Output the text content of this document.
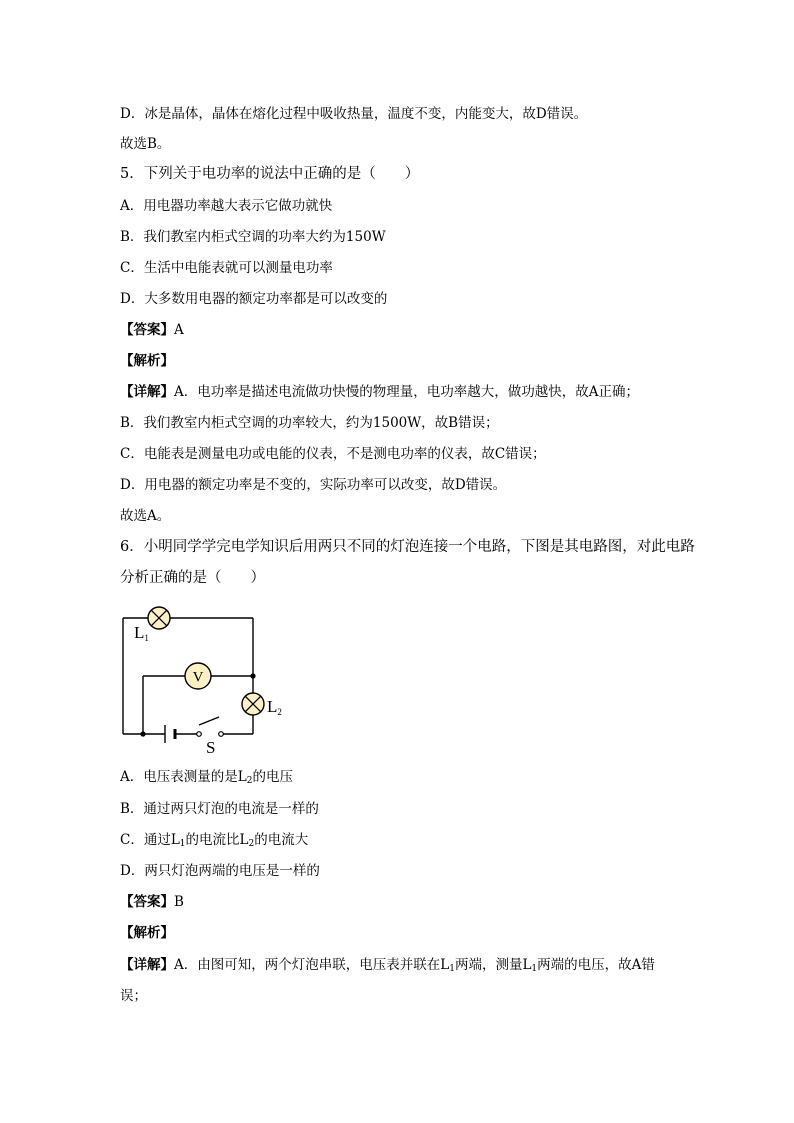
D．冰是晶体，晶体在熔化过程中吸收热量，温度不变，内能变大，故D错误。
故选B。
5．下列关于电功率的说法中正确的是（　　）
A．用电器功率越大表示它做功就快
B．我们教室内柜式空调的功率大约为150W
C．生活中电能表就可以测量电功率
D．大多数用电器的额定功率都是可以改变的
【答案】A
【解析】
【详解】A．电功率是描述电流做功快慢的物理量，电功率越大，做功越快，故A正确；
B．我们教室内柜式空调的功率较大，约为1500W，故B错误；
C．电能表是测量电功或电能的仪表，不是测电功率的仪表，故C错误；
D．用电器的额定功率是不变的，实际功率可以改变，故D错误。
故选A。
6．小明同学学完电学知识后用两只不同的灯泡连接一个电路，下图是其电路图，对此电路
分析正确的是（　　）
V
L1
L2
S
A．电压表测量的是$L_2$的电压
B．通过两只灯泡的电流是一样的
C．通过$L_1$的电流比$L_2$的电流大
D．两只灯泡两端的电压是一样的
【答案】B
【解析】
【详解】A．由图可知，两个灯泡串联，电压表并联在$L_1$两端，测量$L_1$两端的电压，故A错
误；
